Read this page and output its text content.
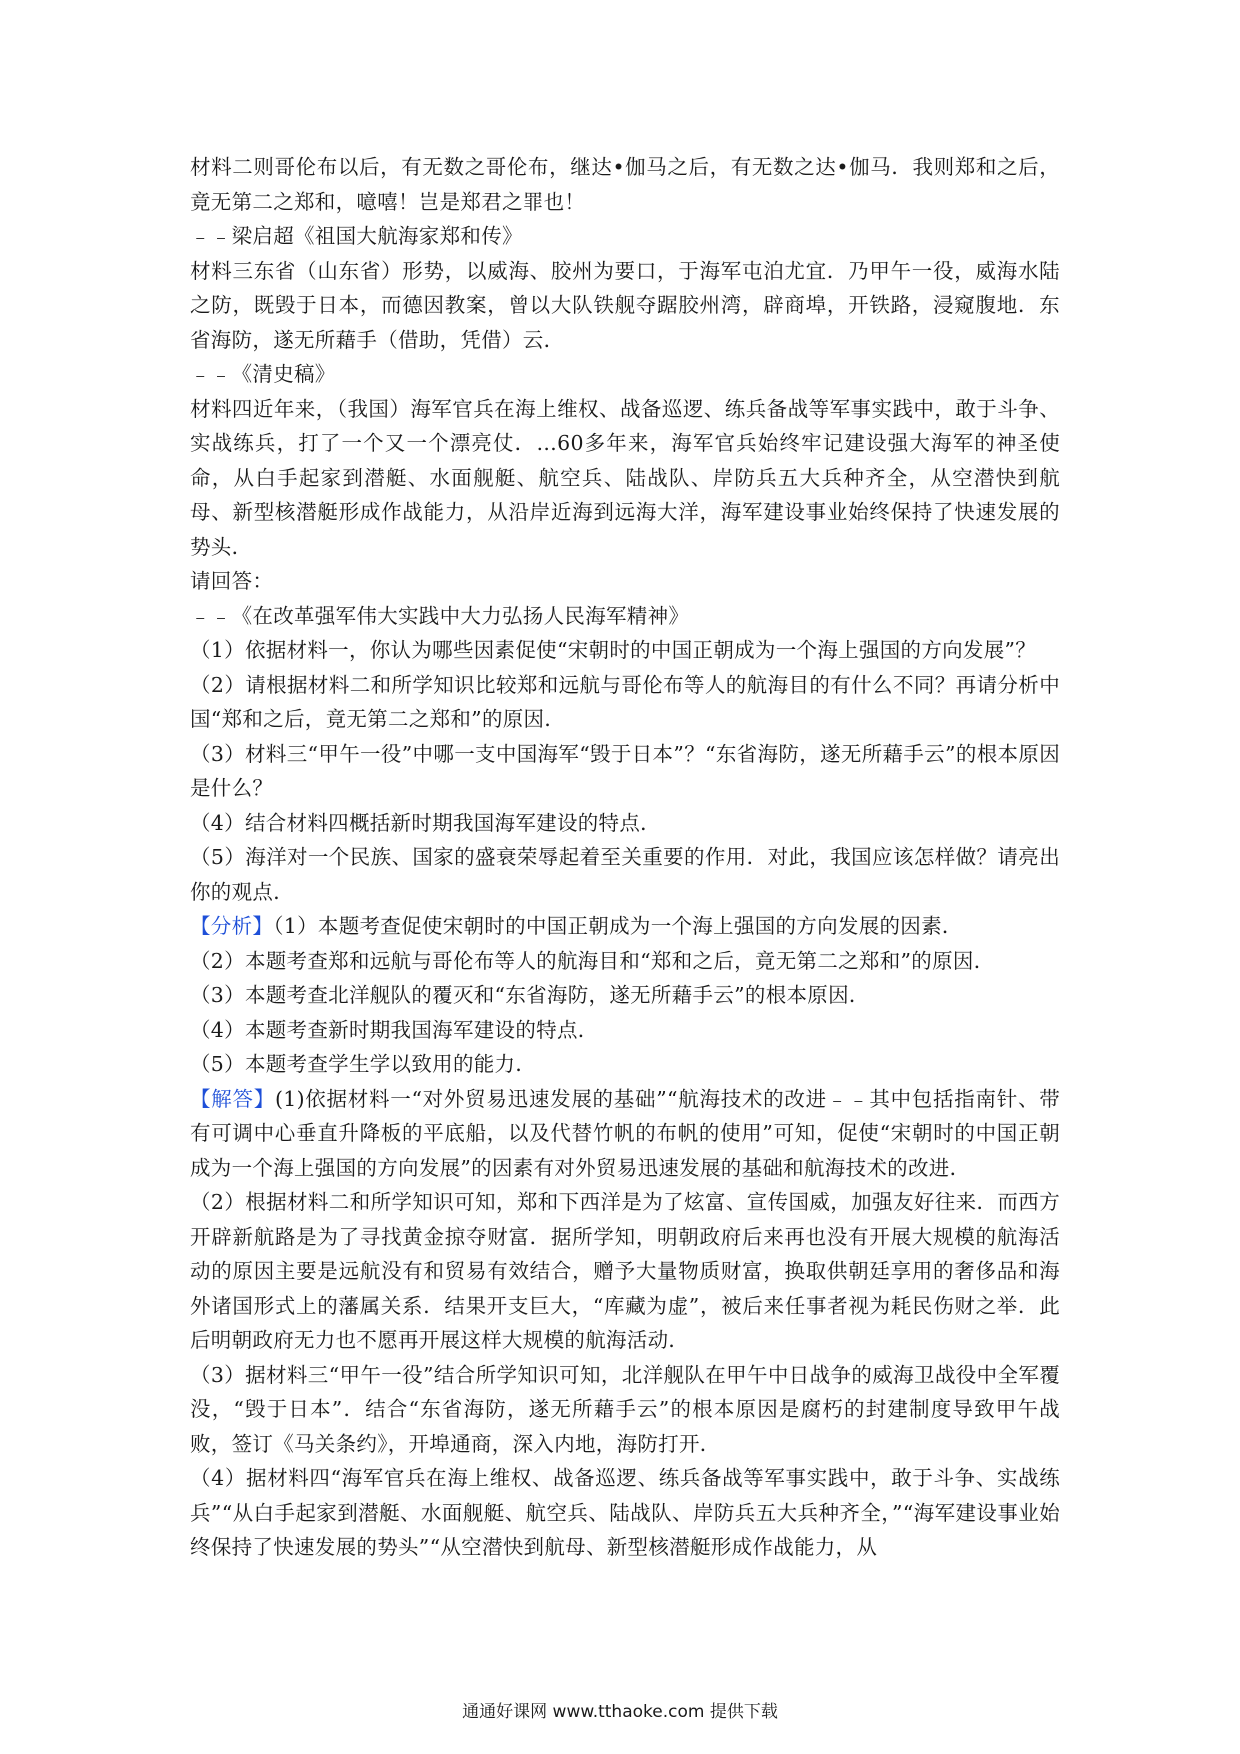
材料二则哥伦布以后，有无数之哥伦布，继达•伽马之后，有无数之达•伽马．我则郑和之后，竟无第二之郑和，噫嘻！岂是郑君之罪也！

﹣﹣梁启超《祖国大航海家郑和传》

材料三东省（山东省）形势，以威海、胶州为要口，于海军屯泊尤宜．乃甲午一役，威海水陆之防，既毁于日本，而德因教案，曾以大队铁舰夺踞胶州湾，辟商埠，开铁路，浸窥腹地．东省海防，遂无所藉手（借助，凭借）云．

﹣﹣《清史稿》

材料四近年来，（我国）海军官兵在海上维权、战备巡逻、练兵备战等军事实践中，敢于斗争、实战练兵，打了一个又一个漂亮仗．…60多年来，海军官兵始终牢记建设强大海军的神圣使命，从白手起家到潜艇、水面舰艇、航空兵、陆战队、岸防兵五大兵种齐全，从空潜快到航母、新型核潜艇形成作战能力，从沿岸近海到远海大洋，海军建设事业始终保持了快速发展的势头．

请回答：

﹣﹣《在改革强军伟大实践中大力弘扬人民海军精神》

（1）依据材料一，你认为哪些因素促使“宋朝时的中国正朝成为一个海上强国的方向发展”？

（2）请根据材料二和所学知识比较郑和远航与哥伦布等人的航海目的有什么不同？再请分析中国“郑和之后，竟无第二之郑和”的原因．

（3）材料三“甲午一役”中哪一支中国海军“毁于日本”？“东省海防，遂无所藉手云”的根本原因是什么？

（4）结合材料四概括新时期我国海军建设的特点．

（5）海洋对一个民族、国家的盛衰荣辱起着至关重要的作用．对此，我国应该怎样做？请亮出你的观点．

【分析】（1）本题考查促使宋朝时的中国正朝成为一个海上强国的方向发展的因素．

（2）本题考查郑和远航与哥伦布等人的航海目和“郑和之后，竟无第二之郑和”的原因．

（3）本题考查北洋舰队的覆灭和“东省海防，遂无所藉手云”的根本原因．

（4）本题考查新时期我国海军建设的特点．

（5）本题考查学生学以致用的能力．

【解答】(1)依据材料一“对外贸易迅速发展的基础”“航海技术的改进﹣﹣其中包括指南针、带有可调中心垂直升降板的平底船，以及代替竹帆的布帆的使用”可知，促使“宋朝时的中国正朝成为一个海上强国的方向发展”的因素有对外贸易迅速发展的基础和航海技术的改进．

（2）根据材料二和所学知识可知，郑和下西洋是为了炫富、宣传国威，加强友好往来．而西方开辟新航路是为了寻找黄金掠夺财富．据所学知，明朝政府后来再也没有开展大规模的航海活动的原因主要是远航没有和贸易有效结合，赠予大量物质财富，换取供朝廷享用的奢侈品和海外诸国形式上的藩属关系．结果开支巨大，“库藏为虚”，被后来任事者视为耗民伤财之举．此后明朝政府无力也不愿再开展这样大规模的航海活动．

（3）据材料三“甲午一役”结合所学知识可知，北洋舰队在甲午中日战争的威海卫战役中全军覆没，“毁于日本”．结合“东省海防，遂无所藉手云”的根本原因是腐朽的封建制度导致甲午战败，签订《马关条约》，开埠通商，深入内地，海防打开．

（4）据材料四“海军官兵在海上维权、战备巡逻、练兵备战等军事实践中，敢于斗争、实战练兵”“从白手起家到潜艇、水面舰艇、航空兵、陆战队、岸防兵五大兵种齐全，”“海军建设事业始终保持了快速发展的势头”“从空潜快到航母、新型核潜艇形成作战能力，从

通通好课网 www.tthaoke.com 提供下载
